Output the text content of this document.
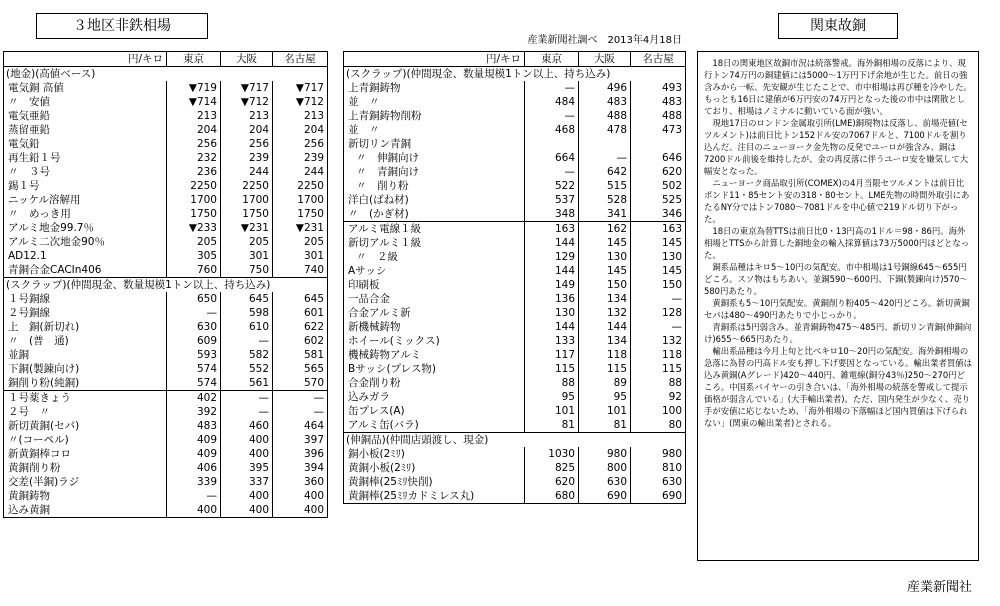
３地区非鉄相場
産業新聞社調べ　2013年4月18日
関東故銅
円/キロ	東京	大阪	名古屋
(地金)(高値ベース)			
電気銅 高値	▼719	▼717	▼717
〃　安値	▼714	▼712	▼712
電気亜鉛	213	213	213
蒸留亜鉛	204	204	204
電気鉛	256	256	256
再生鉛１号	232	239	239
〃　３号	236	244	244
錫１号	2250	2250	2250
ニッケル溶解用	1700	1700	1700
〃　めっき用	1750	1750	1750
アルミ地金99.7％	▼233	▼231	▼231
アルミ二次地金90％	205	205	205
AD12.1	305	301	301
青銅合金CACIn406	760	750	740
(スクラップ)(仲間現金、数量規模1トン以上、持ち込み)			
１号銅線	650	645	645
２号銅線	—	598	601
上　銅(新切れ)	630	610	622
〃　(普　通)	609	—	602
並銅	593	582	581
下銅(製錬向け)	574	552	565
銅削り粉(純銅)	574	561	570
１号薬きょう	402	—	—
２号　〃	392	—	—
新切黄銅(セパ)	483	460	464
〃(コーペル)	409	400	397
新黄銅棒コロ	409	400	396
黄銅削り粉	406	395	394
交差(半銅)ラジ	339	337	360
黄銅鋳物	—	400	400
込み黄銅	400	400	400
円/キロ	東京	大阪	名古屋
(スクラップ)(仲間現金、数量規模1トン以上、持ち込み)			
上青銅鋳物	—	496	493
並　〃	484	483	483
上青銅鋳物削粉	—	488	488
並　〃	468	478	473
新切リン青銅			
〃　伸銅向け	664	—	646
〃　青銅向け	—	642	620
〃　削り粉	522	515	502
洋白(ばね材)	537	528	525
〃　(かぎ材)	348	341	346
アルミ電線１級	163	162	163
新切アルミ１級	144	145	145
〃　２級	129	130	130
Aサッシ	144	145	145
印刷板	149	150	150
一品合金	136	134	—
合金アルミ新	130	132	128
新機械鋳物	144	144	—
ホイール(ミックス)	133	134	132
機械鋳物アルミ	117	118	118
Bサッシ(プレス物)	115	115	115
合金削り粉	88	89	88
込みガラ	95	95	92
缶プレス(A)	101	101	100
アルミ缶(バラ)	81	81	80
(伸銅品)(仲間店頭渡し、現金)			
銅小板(2ﾐﾘ)	1030	980	980
黄銅小板(2ﾐﾘ)	825	800	810
黄銅棒(25ﾐﾘ快削)	620	630	630
黄銅棒(25ﾐﾘカドミレス丸)	680	690	690

18日の関東地区故銅市況は続落警戒。海外銅相場の反落により、現行トン74万円の銅建値には5000～1万円下げ余地が生じた。前日の強含みから一転、先安観が生じたことで、市中相場は再び種を冷やした。もっとも16日に建値が6万円安の74万円となった後の市中は閑散としており、相場はノミナルに動いている面が強い。

現地17日のロンドン金属取引所(LME)銅現物は反落し、前場売値(セツルメント)は前日比トン152ドル安の7067ドルと、7100ドルを割り込んだ。注目のニューヨーク金先物の反発でユーロが強含み、銅は7200ドル前後を維持したが、金の再反落に伴うユーロ安を嫌気して大幅安となった。

ニューヨーク商品取引所(COMEX)の4月当限セツルメントは前日比ポンド11・85セント安の318・80セント。LME先物の時間外取引にあたるNY分ではトン7080～7081ドルを中心値で219ドル切り下がった。

18日の東京為替TTSは前日比0・13円高の1ドル＝98・86円。海外相場とTTSから計算した銅地金の輸入採算値は73万5000円ほどとなった。

銅系品種はキロ5～10円の気配安。市中相場は1号銅線645～655円どころ。スソ物はもちあい。並銅590～600円、下銅(製錬向け)570～580円あたり。

黄銅系も5～10円気配安。黄銅削り粉405～420円どころ。新切黄銅セパは480～490円あたりで小じっかり。

青銅系は5円弱含み。並青銅鋳物475～485円、新切リン青銅(伸銅向け)655～665円あたり。

輸出系品種は今月上旬と比べキロ10～20円の気配安。海外銅相場の急落に為替の円高ドル安も押し下げ要因となっている。輸出業者買値は込み黄銅(Aグレード)420～440円、雑電線(銅分43％)250～270円どころ。中国系バイヤーの引き合いは、「海外相場の続落を警戒して提示価格が弱含んでいる」(大手輸出業者)。ただ、国内発生が少なく、売り手が安値に応じないため、「海外相場の下落幅ほど国内買値は下げられない」(関東の輸出業者)とされる。

産業新聞社
